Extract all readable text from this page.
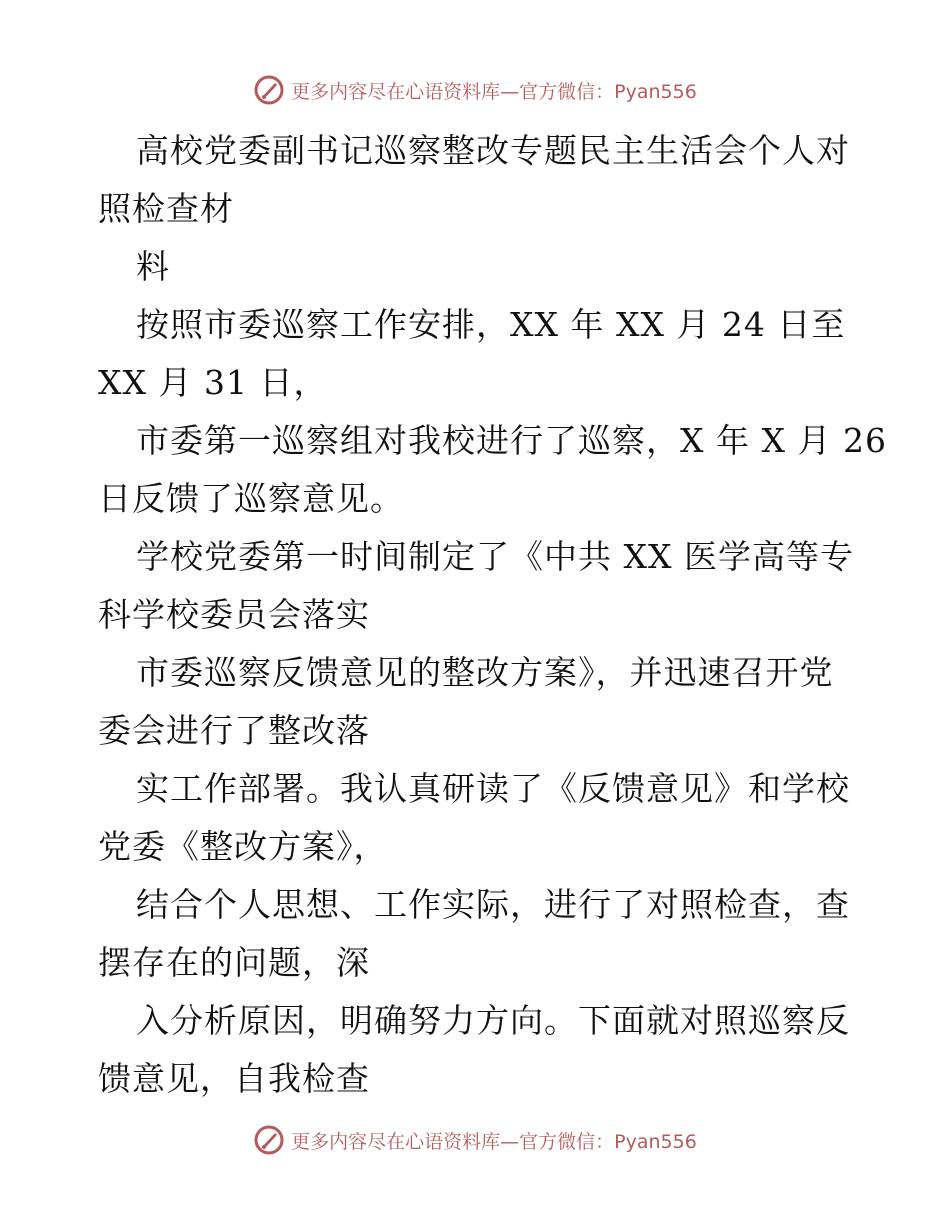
更多内容尽在心语资料库—官方微信：Pyan556
高校党委副书记巡察整改专题民主生活会个人对
照检查材
料
按照市委巡察工作安排，XX 年 XX 月 24 日至
XX 月 31 日，
市委第一巡察组对我校进行了巡察，X 年 X 月 26
日反馈了巡察意见。
学校党委第一时间制定了《中共 XX 医学高等专
科学校委员会落实
市委巡察反馈意见的整改方案》，并迅速召开党
委会进行了整改落
实工作部署。我认真研读了《反馈意见》和学校
党委《整改方案》，
结合个人思想、工作实际，进行了对照检查，查
摆存在的问题，深
入分析原因，明确努力方向。下面就对照巡察反
馈意见，自我检查
更多内容尽在心语资料库—官方微信：Pyan556
